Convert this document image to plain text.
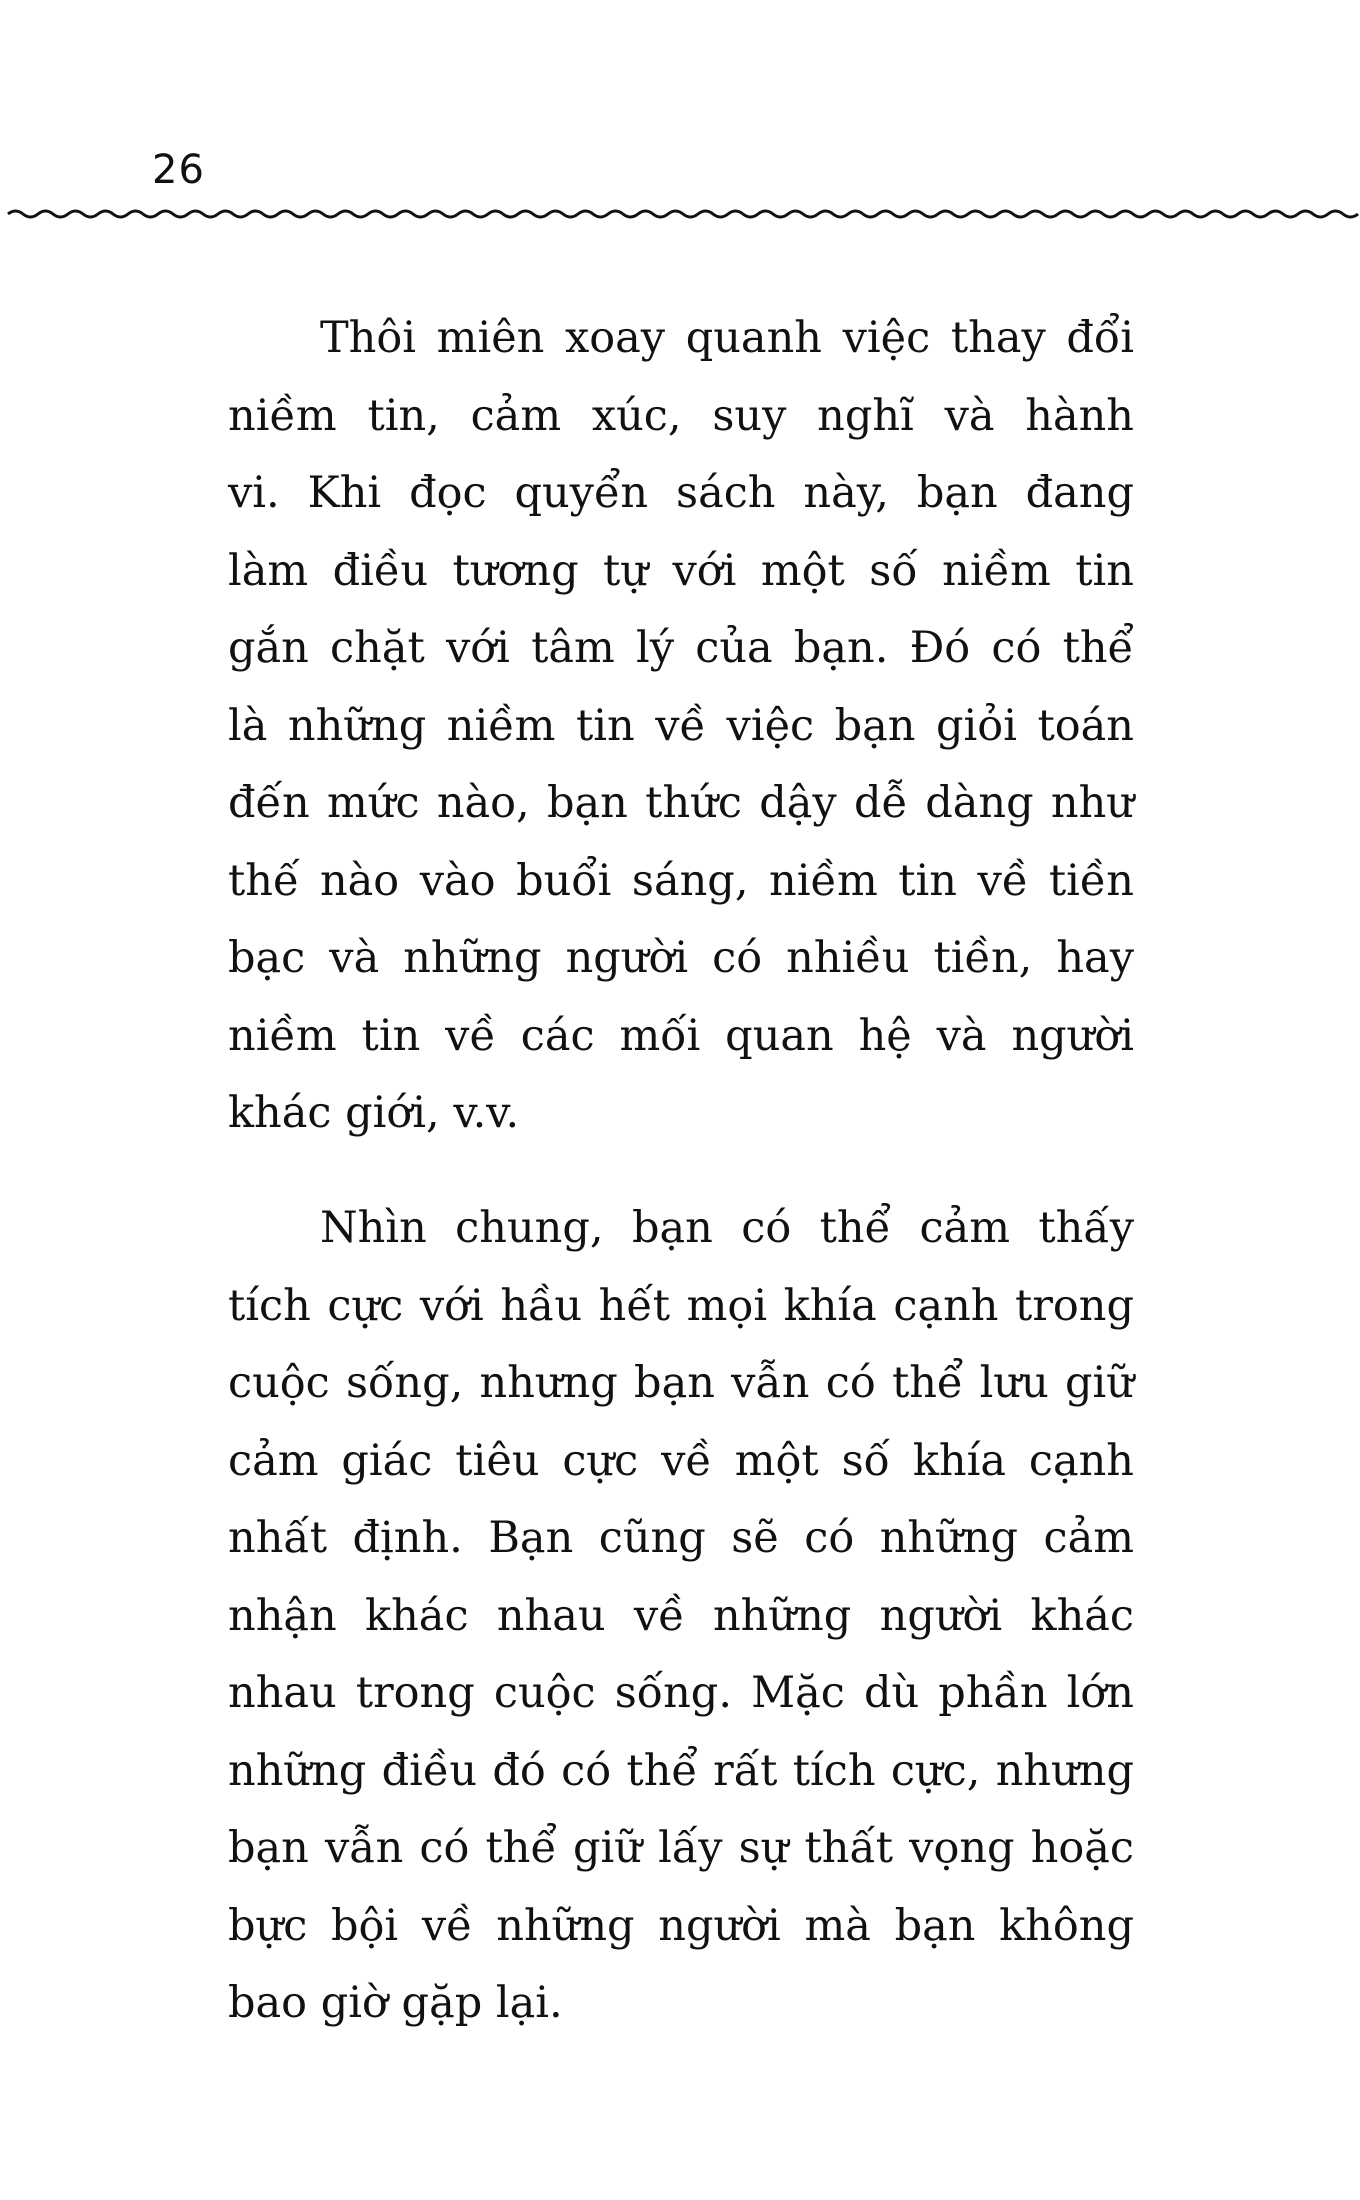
26
Thôi miên xoay quanh việc thay đổi
niềm tin, cảm xúc, suy nghĩ và hành
vi. Khi đọc quyển sách này, bạn đang
làm điều tương tự với một số niềm tin
gắn chặt với tâm lý của bạn. Đó có thể
là những niềm tin về việc bạn giỏi toán
đến mức nào, bạn thức dậy dễ dàng như
thế nào vào buổi sáng, niềm tin về tiền
bạc và những người có nhiều tiền, hay
niềm tin về các mối quan hệ và người
khác giới, v.v.
Nhìn chung, bạn có thể cảm thấy
tích cực với hầu hết mọi khía cạnh trong
cuộc sống, nhưng bạn vẫn có thể lưu giữ
cảm giác tiêu cực về một số khía cạnh
nhất định. Bạn cũng sẽ có những cảm
nhận khác nhau về những người khác
nhau trong cuộc sống. Mặc dù phần lớn
những điều đó có thể rất tích cực, nhưng
bạn vẫn có thể giữ lấy sự thất vọng hoặc
bực bội về những người mà bạn không
bao giờ gặp lại.
